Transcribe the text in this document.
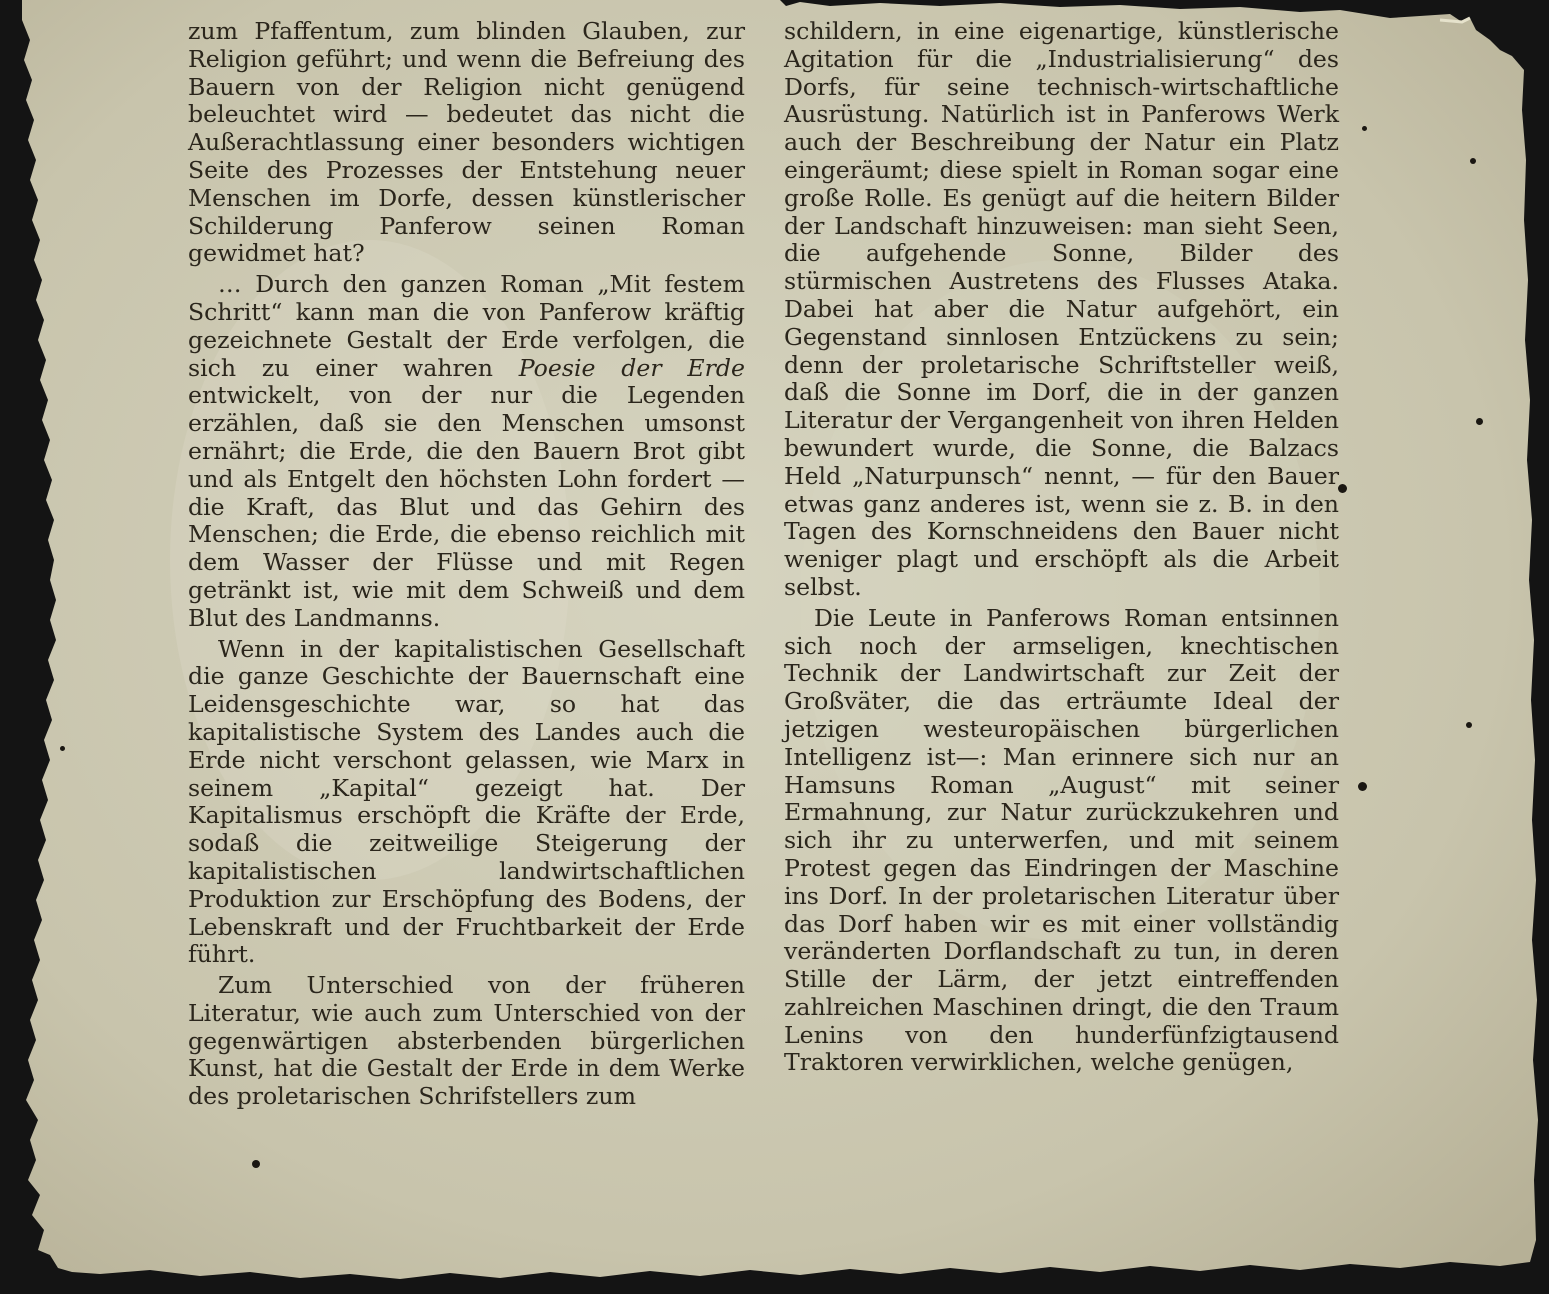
zum Pfaffentum, zum blinden Glauben, zur Religion geführt; und wenn die Befreiung des Bauern von der Religion nicht genügend beleuchtet wird — bedeutet das nicht die Außerachtlassung einer besonders wichtigen Seite des Prozesses der Entstehung neuer Menschen im Dorfe, dessen künstlerischer Schilderung Panferow seinen Roman gewidmet hat?

… Durch den ganzen Roman „Mit festem Schritt“ kann man die von Panferow kräftig gezeichnete Gestalt der Erde verfolgen, die sich zu einer wahren Poesie der Erde entwickelt, von der nur die Legenden erzählen, daß sie den Menschen umsonst ernährt; die Erde, die den Bauern Brot gibt und als Entgelt den höchsten Lohn fordert — die Kraft, das Blut und das Gehirn des Menschen; die Erde, die ebenso reichlich mit dem Wasser der Flüsse und mit Regen getränkt ist, wie mit dem Schweiß und dem Blut des Landmanns.

Wenn in der kapitalistischen Gesellschaft die ganze Geschichte der Bauernschaft eine Leidensgeschichte war, so hat das kapitalistische System des Landes auch die Erde nicht verschont gelassen, wie Marx in seinem „Kapital“ gezeigt hat. Der Kapitalismus erschöpft die Kräfte der Erde, sodaß die zeitweilige Steigerung der kapitalistischen landwirtschaftlichen Produktion zur Erschöpfung des Bodens, der Lebenskraft und der Fruchtbarkeit der Erde führt.

Zum Unterschied von der früheren Literatur, wie auch zum Unterschied von der gegenwärtigen absterbenden bürgerlichen Kunst, hat die Gestalt der Erde in dem Werke des proletarischen Schrifstellers zum

schildern, in eine eigenartige, künstlerische Agitation für die „Industrialisierung“ des Dorfs, für seine technisch-wirtschaftliche Ausrüstung. Natürlich ist in Panferows Werk auch der Beschreibung der Natur ein Platz eingeräumt; diese spielt in Roman sogar eine große Rolle. Es genügt auf die heitern Bilder der Landschaft hinzuweisen: man sieht Seen, die aufgehende Sonne, Bilder des stürmischen Austretens des Flusses Ataka. Dabei hat aber die Natur aufgehört, ein Gegenstand sinnlosen Entzückens zu sein; denn der proletarische Schriftsteller weiß, daß die Sonne im Dorf, die in der ganzen Literatur der Vergangenheit von ihren Helden bewundert wurde, die Sonne, die Balzacs Held „Naturpunsch“ nennt, — für den Bauer etwas ganz anderes ist, wenn sie z. B. in den Tagen des Kornschneidens den Bauer nicht weniger plagt und erschöpft als die Arbeit selbst.

Die Leute in Panferows Roman entsinnen sich noch der armseligen, knechtischen Technik der Landwirtschaft zur Zeit der Großväter, die das erträumte Ideal der jetzigen westeuropäischen bürgerlichen Intelligenz ist—: Man erinnere sich nur an Hamsuns Roman „August“ mit seiner Ermahnung, zur Natur zurückzukehren und sich ihr zu unterwerfen, und mit seinem Protest gegen das Eindringen der Maschine ins Dorf. In der proletarischen Literatur über das Dorf haben wir es mit einer vollständig veränderten Dorflandschaft zu tun, in deren Stille der Lärm, der jetzt eintreffenden zahlreichen Maschinen dringt, die den Traum Lenins von den hunderfünfzigtausend Traktoren verwirklichen, welche genügen,
